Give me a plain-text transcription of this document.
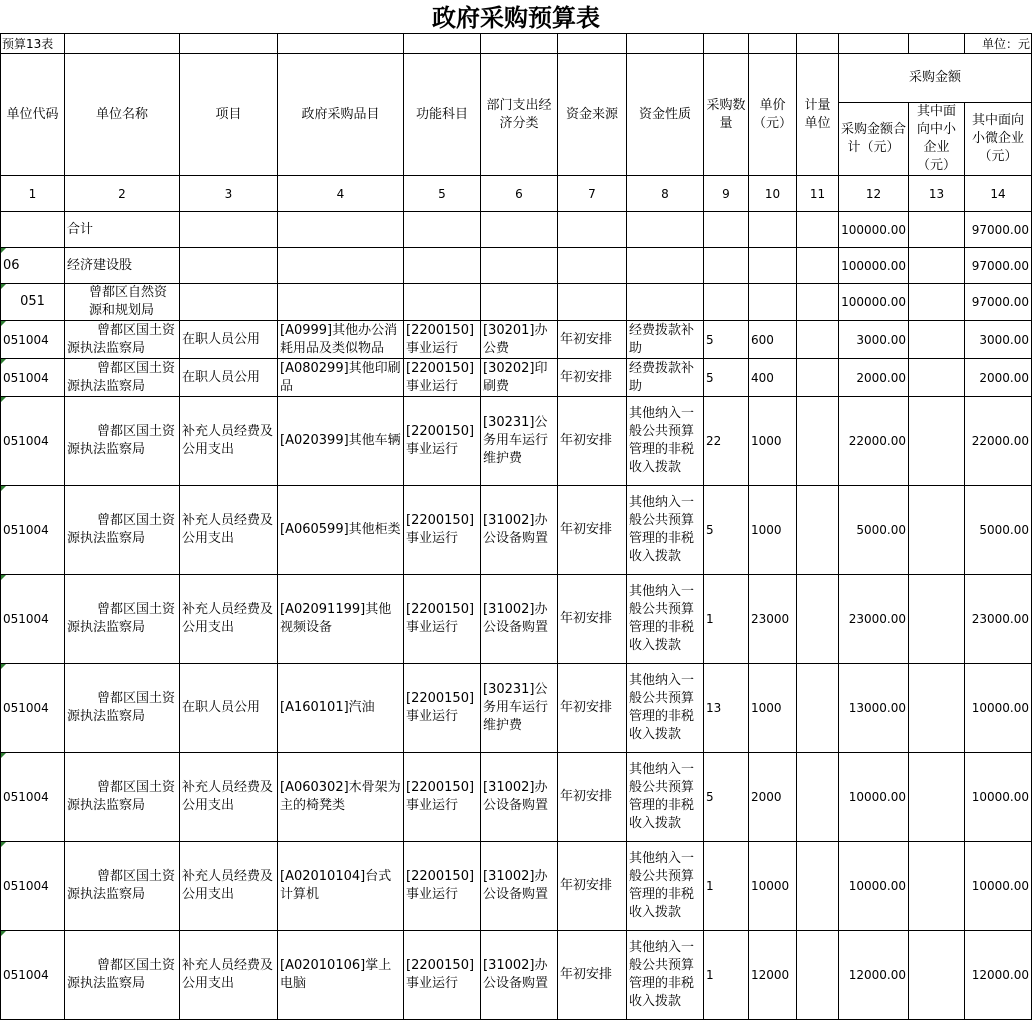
政府采购预算表
预算13表													单位：元
单位代码	单位名称	项目	政府采购品目	功能科目	部门支出经济分类	资金来源	资金性质	采购数量	单价（元）	计量单位	采购金额		
											采购金额合计（元）	其中面向中小企业（元）	其中面向小微企业（元）
1	2	3	4	5	6	7	8	9	10	11	12	13	14
	合计										100000.00		97000.00
06	经济建设股										100000.00		97000.00
051	曾都区自然资源和规划局										100000.00		97000.00
051004	曾都区国土资源执法监察局	在职人员公用	[A0999]其他办公消耗用品及类似物品	[2200150]事业运行	[30201]办公费	年初安排	经费拨款补助	5	600		3000.00		3000.00
051004	曾都区国土资源执法监察局	在职人员公用	[A080299]其他印刷品	[2200150]事业运行	[30202]印刷费	年初安排	经费拨款补助	5	400		2000.00		2000.00
051004	曾都区国土资源执法监察局	补充人员经费及公用支出	[A020399]其他车辆	[2200150]事业运行	[30231]公务用车运行维护费	年初安排	其他纳入一般公共预算管理的非税收入拨款	22	1000		22000.00		22000.00
051004	曾都区国土资源执法监察局	补充人员经费及公用支出	[A060599]其他柜类	[2200150]事业运行	[31002]办公设备购置	年初安排	其他纳入一般公共预算管理的非税收入拨款	5	1000		5000.00		5000.00
051004	曾都区国土资源执法监察局	补充人员经费及公用支出	[A02091199]其他视频设备	[2200150]事业运行	[31002]办公设备购置	年初安排	其他纳入一般公共预算管理的非税收入拨款	1	23000		23000.00		23000.00
051004	曾都区国土资源执法监察局	在职人员公用	[A160101]汽油	[2200150]事业运行	[30231]公务用车运行维护费	年初安排	其他纳入一般公共预算管理的非税收入拨款	13	1000		13000.00		10000.00
051004	曾都区国土资源执法监察局	补充人员经费及公用支出	[A060302]木骨架为主的椅凳类	[2200150]事业运行	[31002]办公设备购置	年初安排	其他纳入一般公共预算管理的非税收入拨款	5	2000		10000.00		10000.00
051004	曾都区国土资源执法监察局	补充人员经费及公用支出	[A02010104]台式计算机	[2200150]事业运行	[31002]办公设备购置	年初安排	其他纳入一般公共预算管理的非税收入拨款	1	10000		10000.00		10000.00
051004	曾都区国土资源执法监察局	补充人员经费及公用支出	[A02010106]掌上电脑	[2200150]事业运行	[31002]办公设备购置	年初安排	其他纳入一般公共预算管理的非税收入拨款	1	12000		12000.00		12000.00
